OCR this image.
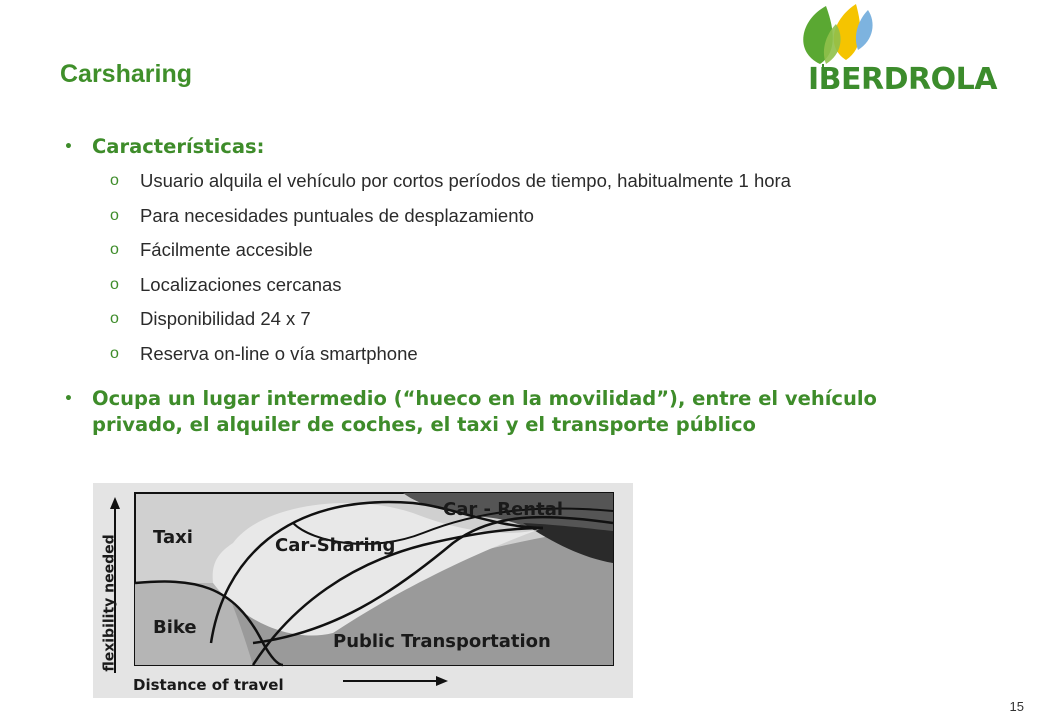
Carsharing	IBERDROLA
• Características:
o Usuario alquila el vehículo por cortos períodos de tiempo, habitualmente 1 hora
o Para necesidades puntuales de desplazamiento
o Fácilmente accesible
o Localizaciones cercanas
o Disponibilidad 24 x 7
o Reserva on-line o vía smartphone
• Ocupa un lugar intermedio (“hueco en la movilidad”), entre el vehículo privado, el alquiler de coches, el taxi y el transporte público
Car - Rental
Taxi	Car-Sharing
Bike
Public Transportation
flexibility needed
Distance of travel
15
